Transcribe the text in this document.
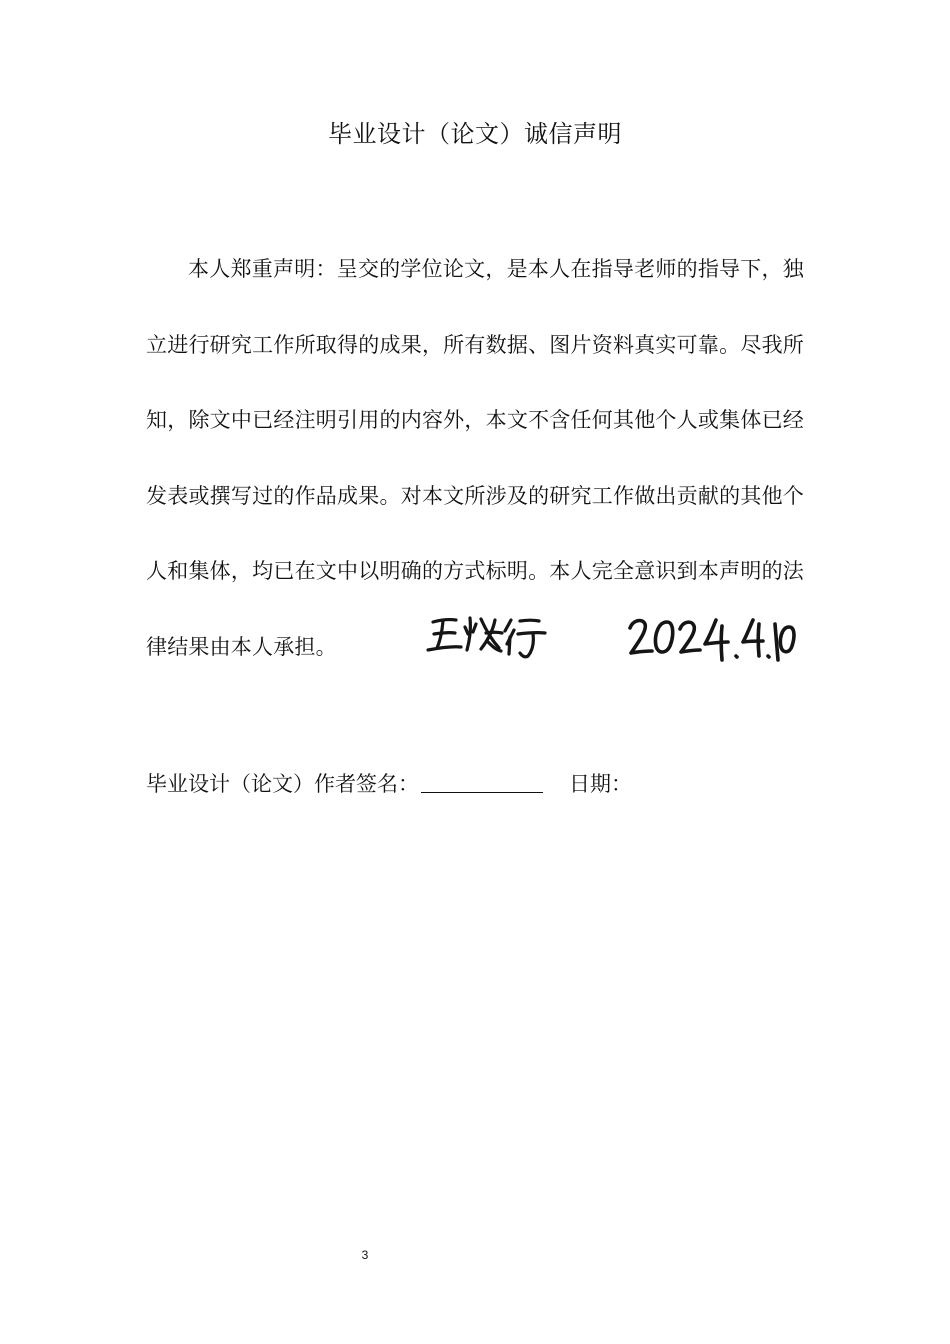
毕业设计（论文）诚信声明
本人郑重声明：呈交的学位论文，是本人在指导老师的指导下，独立进行研究工作所取得的成果，所有数据、图片资料真实可靠。尽我所知，除文中已经注明引用的内容外，本文不含任何其他个人或集体已经发表或撰写过的作品成果。对本文所涉及的研究工作做出贡献的其他个人和集体，均已在文中以明确的方式标明。本人完全意识到本声明的法律结果由本人承担。
毕业设计（论文）作者签名：	日期：
3
